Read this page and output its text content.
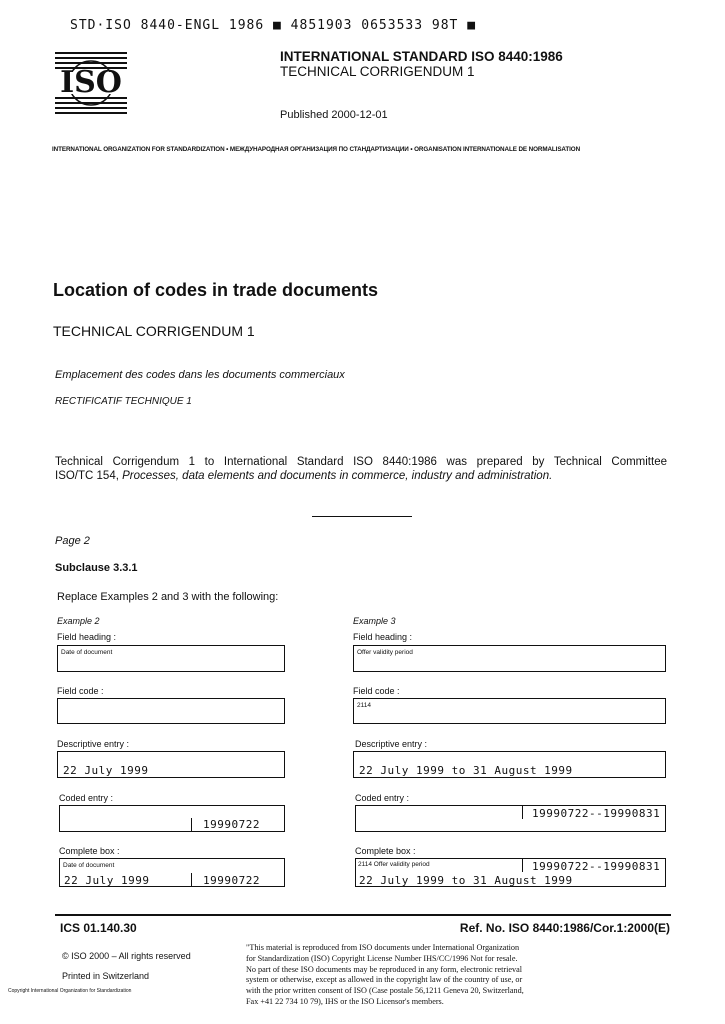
STD·ISO 8440-ENGL 1986 ■ 4851903 0653533 98T ■
ISO
INTERNATIONAL STANDARD ISO 8440:1986
TECHNICAL CORRIGENDUM 1
Published 2000-12-01
INTERNATIONAL ORGANIZATION FOR STANDARDIZATION • МЕЖДУНАРОДНАЯ ОРГАНИЗАЦИЯ ПО СТАНДАРТИЗАЦИИ • ORGANISATION INTERNATIONALE DE NORMALISATION
Location of codes in trade documents
TECHNICAL CORRIGENDUM 1
Emplacement des codes dans les documents commerciaux
RECTIFICATIF TECHNIQUE 1
Technical Corrigendum 1 to International Standard ISO 8440:1986 was prepared by Technical Committee
ISO/TC 154, Processes, data elements and documents in commerce, industry and administration.
Page 2
Subclause 3.3.1
Replace Examples 2 and 3 with the following:
Example 2
Field heading :
Date of document
Field code :
Descriptive entry :
22 July 1999
Coded entry :
19990722
Complete box :
Date of document
22 July 1999	19990722
Example 3
Field heading :
Offer validity period
Field code :
2114
Descriptive entry :
22 July 1999 to 31 August 1999
Coded entry :
19990722--19990831
Complete box :
2114 Offer validity period	19990722--19990831
22 July 1999 to 31 August 1999
ICS 01.140.30	Ref. No. ISO 8440:1986/Cor.1:2000(E)
© ISO 2000 – All rights reserved
Printed in Switzerland
Copyright International Organization for Standardization
"This material is reproduced from ISO documents under International Organization
for Standardization (ISO) Copyright License Number IHS/CC/1996 Not for resale.
No part of these ISO documents may be reproduced in any form, electronic retrieval
system or otherwise, except as allowed in the copyright law of the country of use, or
with the prior written consent of ISO (Case postale 56,1211 Geneva 20, Switzerland,
Fax +41 22 734 10 79), IHS or the ISO Licensor's members.
